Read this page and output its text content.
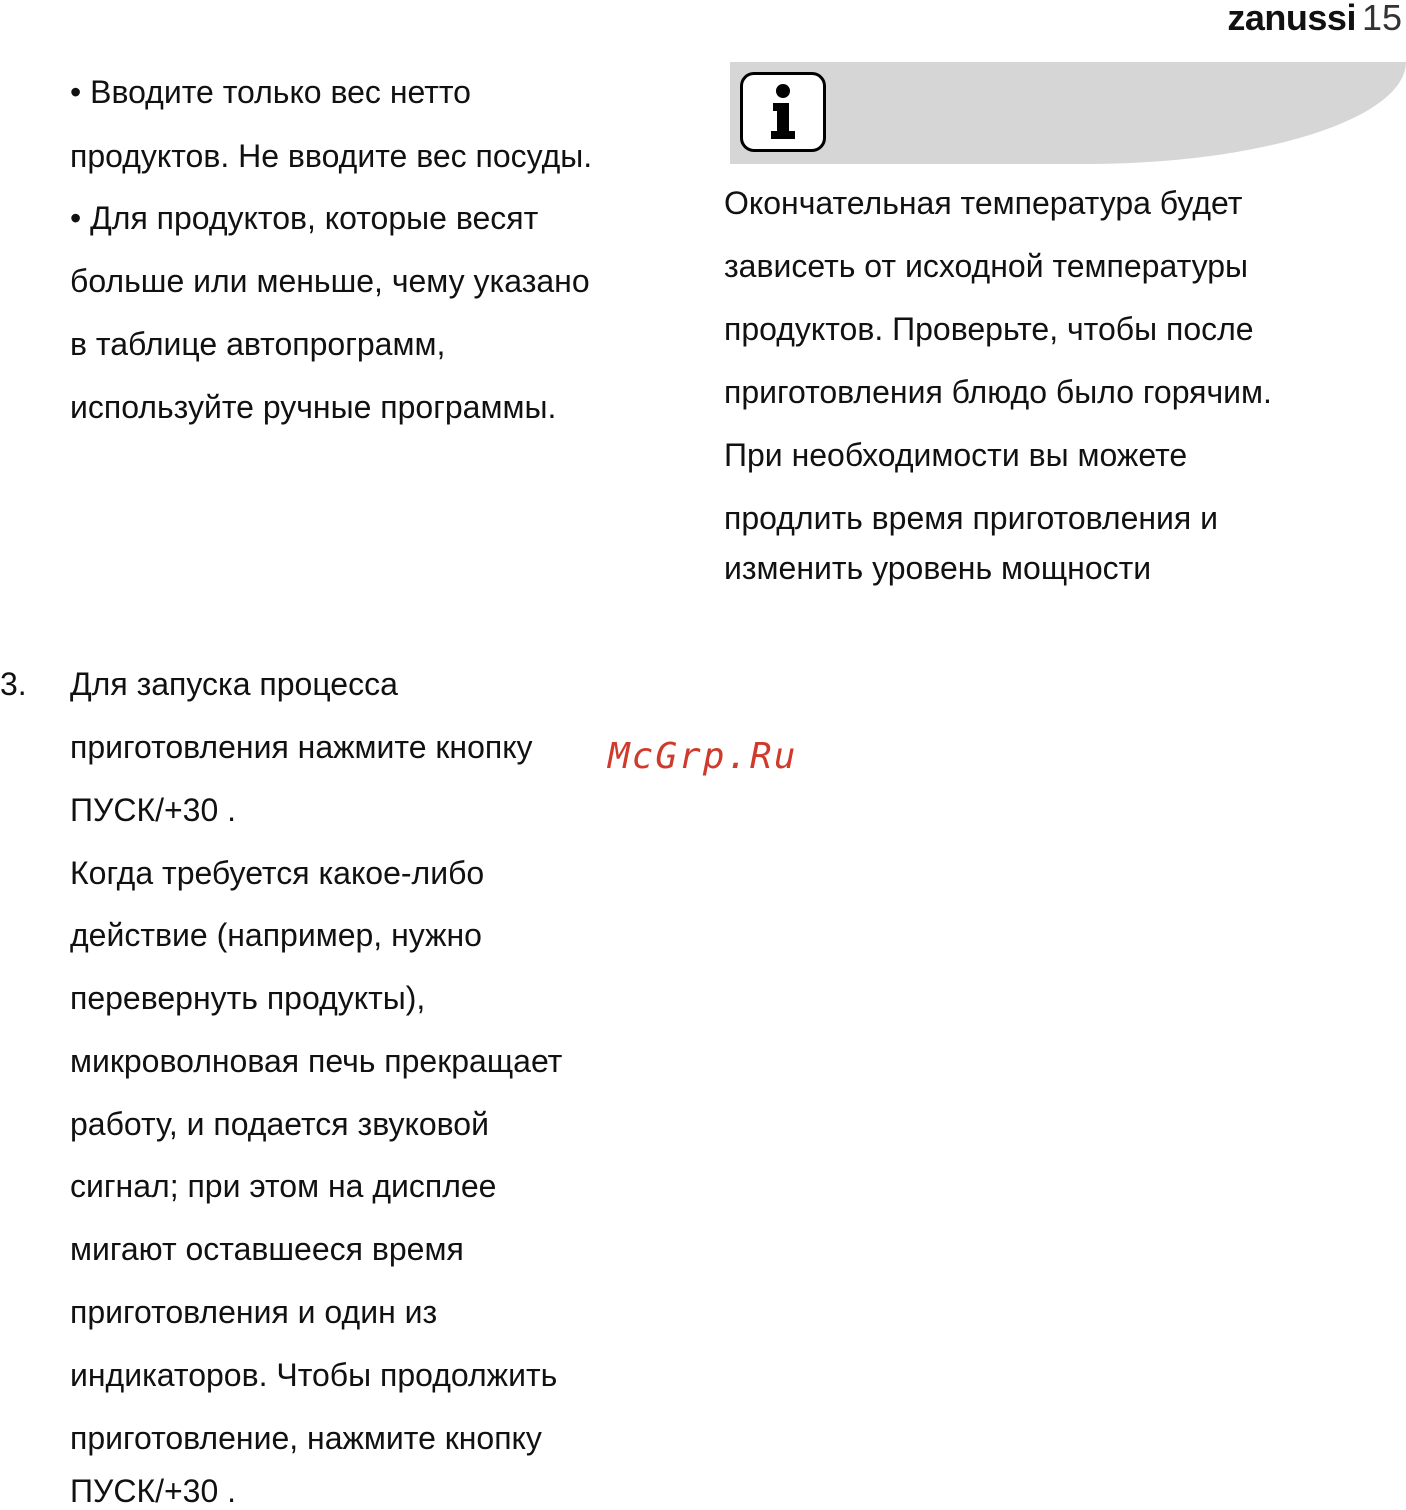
zanussi 15
• Вводите только вес нетто
продуктов. Не вводите вес посуды.
• Для продуктов, которые весят
больше или меньше, чему указано
в таблице автопрограмм,
используйте ручные программы.
Окончательная температура будет
зависеть от исходной температуры
продуктов. Проверьте, чтобы после
приготовления блюдо было горячим.
При необходимости вы можете
продлить время приготовления и
изменить уровень мощности
3. Для запуска процесса
приготовления нажмите кнопку
ПУСК/+30 .
Когда требуется какое-либо
действие (например, нужно
перевернуть продукты),
микроволновая печь прекращает
работу, и подается звуковой
сигнал; при этом на дисплее
мигают оставшееся время
приготовления и один из
индикаторов. Чтобы продолжить
приготовление, нажмите кнопку
ПУСК/+30 .
McGrp.Ru
